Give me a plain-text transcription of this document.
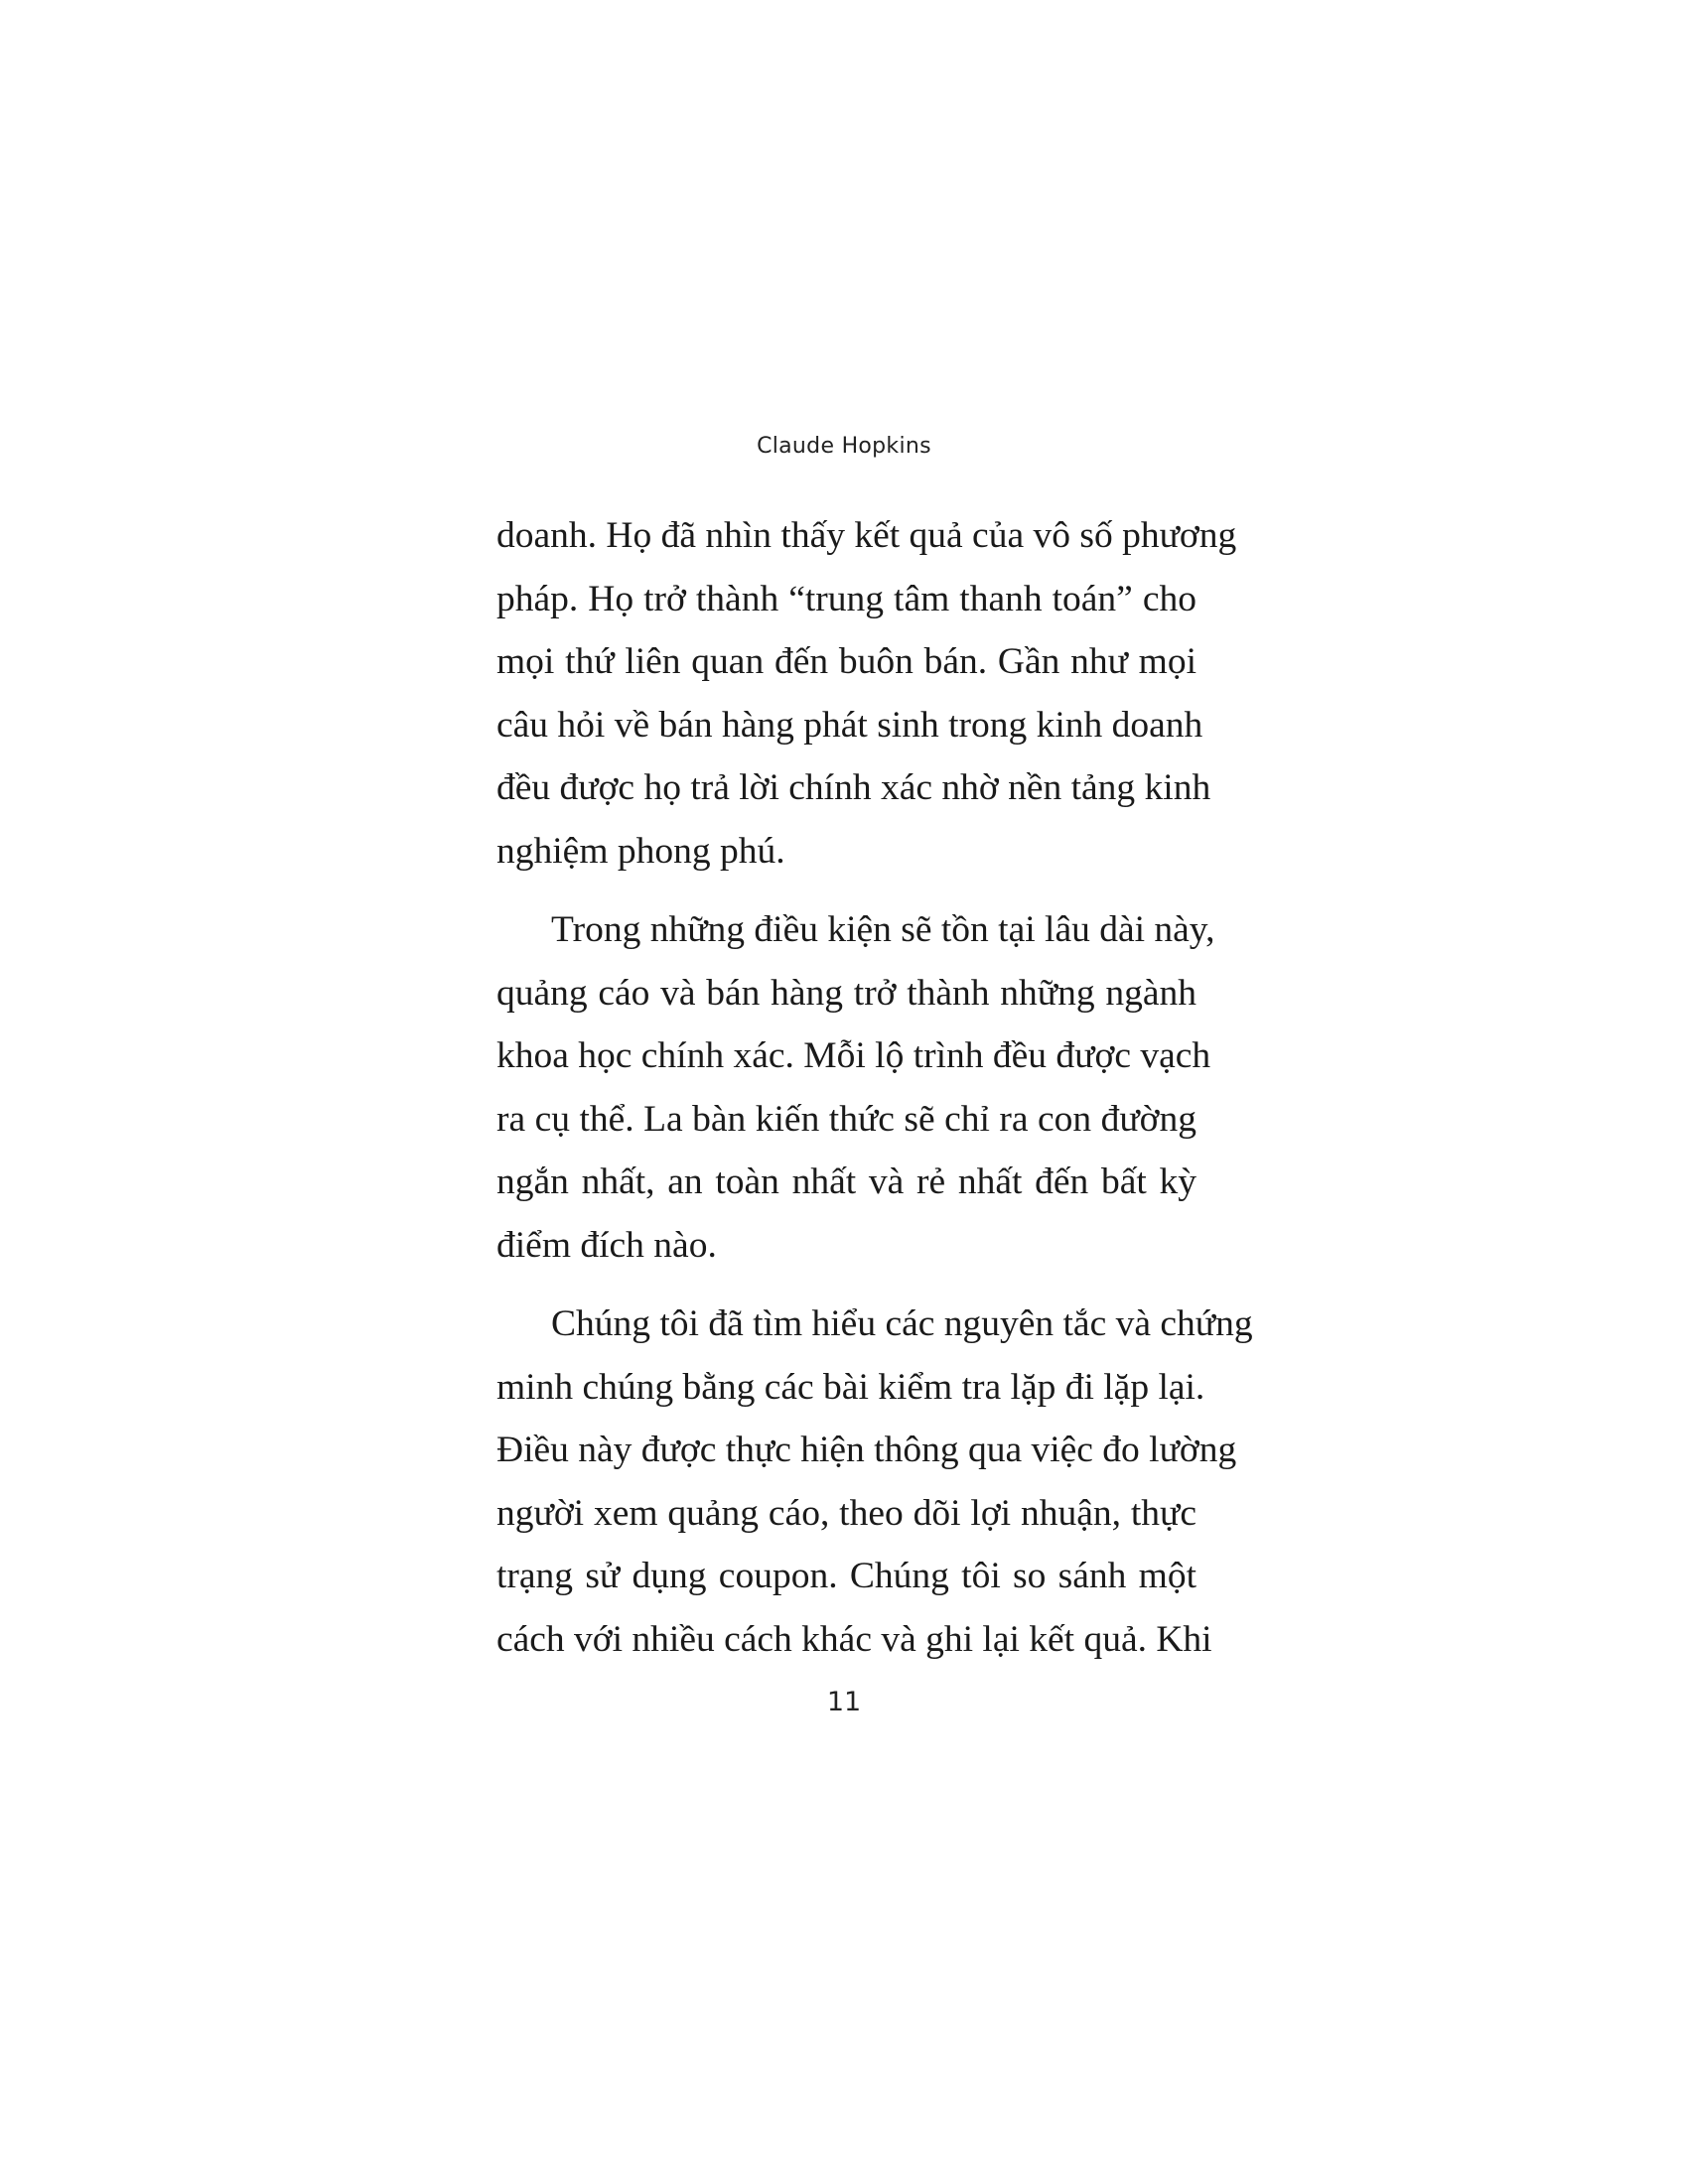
Claude Hopkins

doanh. Họ đã nhìn thấy kết quả của vô số phương
pháp. Họ trở thành “trung tâm thanh toán” cho
mọi thứ liên quan đến buôn bán. Gần như mọi
câu hỏi về bán hàng phát sinh trong kinh doanh
đều được họ trả lời chính xác nhờ nền tảng kinh
nghiệm phong phú.

Trong những điều kiện sẽ tồn tại lâu dài này,
quảng cáo và bán hàng trở thành những ngành
khoa học chính xác. Mỗi lộ trình đều được vạch
ra cụ thể. La bàn kiến thức sẽ chỉ ra con đường
ngắn nhất, an toàn nhất và rẻ nhất đến bất kỳ
điểm đích nào.

Chúng tôi đã tìm hiểu các nguyên tắc và chứng
minh chúng bằng các bài kiểm tra lặp đi lặp lại.
Điều này được thực hiện thông qua việc đo lường
người xem quảng cáo, theo dõi lợi nhuận, thực
trạng sử dụng coupon. Chúng tôi so sánh một
cách với nhiều cách khác và ghi lại kết quả. Khi

11
